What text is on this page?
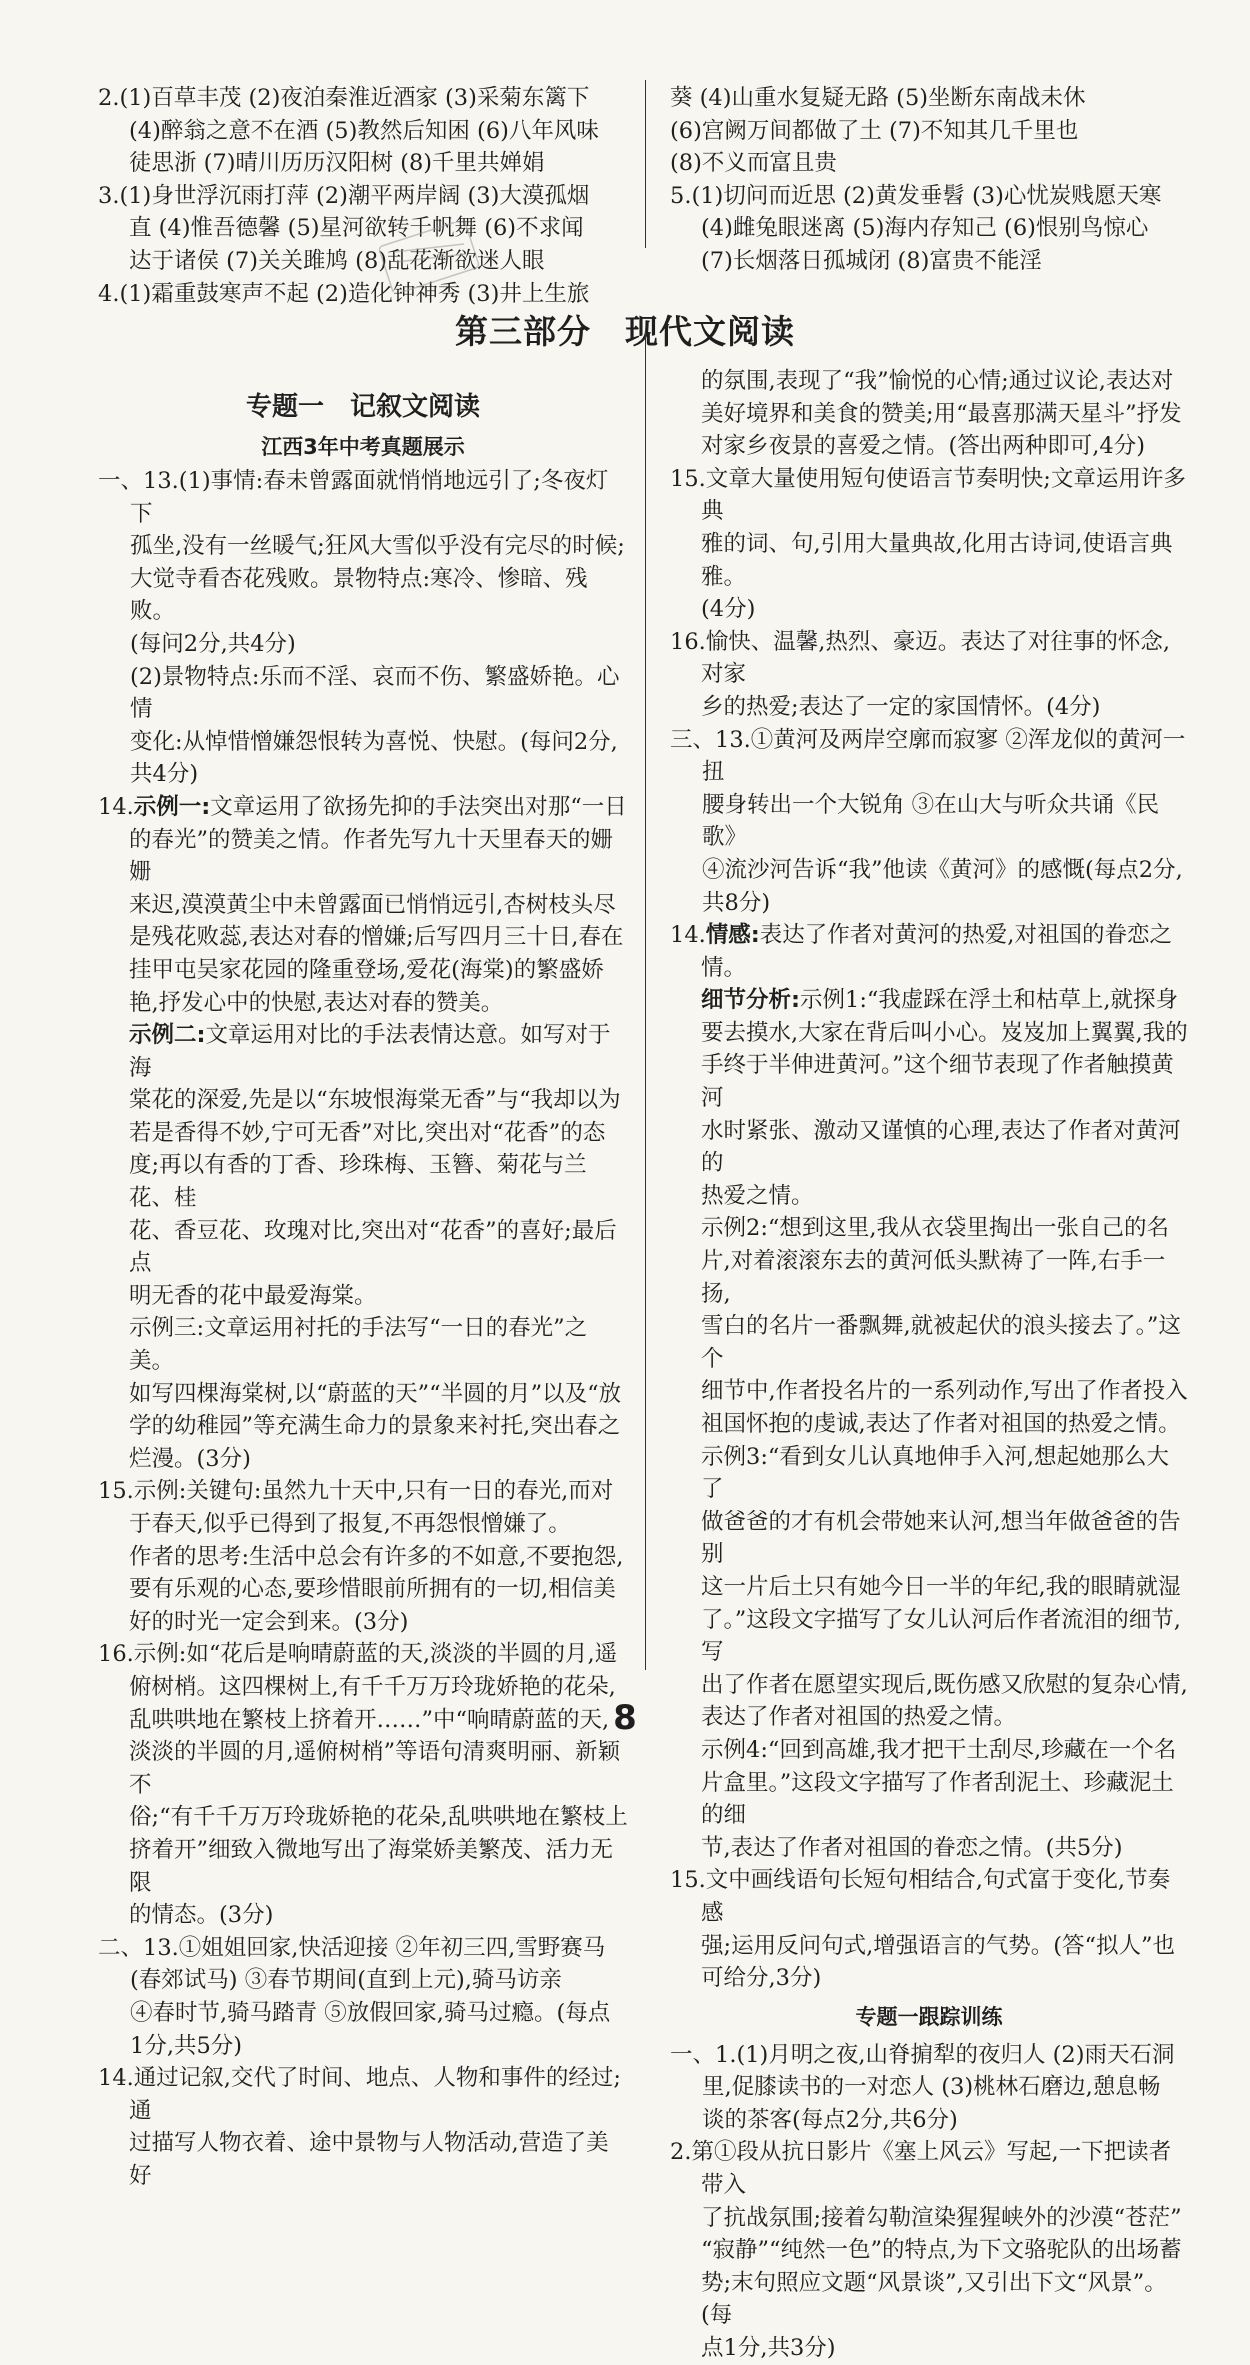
2.(1)百草丰茂 (2)夜泊秦淮近酒家 (3)采菊东篱下
(4)醉翁之意不在酒 (5)教然后知困 (6)八年风味
徒思浙 (7)晴川历历汉阳树 (8)千里共婵娟

3.(1)身世浮沉雨打萍 (2)潮平两岸阔 (3)大漠孤烟
直 (4)惟吾德馨 (5)星河欲转千帆舞 (6)不求闻
达于诸侯 (7)关关雎鸠 (8)乱花渐欲迷人眼

4.(1)霜重鼓寒声不起 (2)造化钟神秀 (3)井上生旅

葵 (4)山重水复疑无路 (5)坐断东南战未休
(6)宫阙万间都做了土 (7)不知其几千里也
(8)不义而富且贵

5.(1)切问而近思 (2)黄发垂髫 (3)心忧炭贱愿天寒
(4)雌兔眼迷离 (5)海内存知己 (6)恨别鸟惊心
(7)长烟落日孤城闭 (8)富贵不能淫

第三部分　现代文阅读

专题一　记叙文阅读

江西3年中考真题展示

一、13.(1)事情:春未曾露面就悄悄地远引了;冬夜灯下
孤坐,没有一丝暖气;狂风大雪似乎没有完尽的时候;
大觉寺看杏花残败。景物特点:寒冷、惨暗、残败。
(每问2分,共4分)
(2)景物特点:乐而不淫、哀而不伤、繁盛娇艳。心情
变化:从悼惜憎嫌怨恨转为喜悦、快慰。(每问2分,
共4分)

14.示例一:文章运用了欲扬先抑的手法突出对那“一日
的春光”的赞美之情。作者先写九十天里春天的姗姗
来迟,漠漠黄尘中未曾露面已悄悄远引,杏树枝头尽
是残花败蕊,表达对春的憎嫌;后写四月三十日,春在
挂甲屯吴家花园的隆重登场,爱花(海棠)的繁盛娇
艳,抒发心中的快慰,表达对春的赞美。

示例二:文章运用对比的手法表情达意。如写对于海
棠花的深爱,先是以“东坡恨海棠无香”与“我却以为
若是香得不妙,宁可无香”对比,突出对“花香”的态
度;再以有香的丁香、珍珠梅、玉簪、菊花与兰花、桂
花、香豆花、玫瑰对比,突出对“花香”的喜好;最后点
明无香的花中最爱海棠。

示例三:文章运用衬托的手法写“一日的春光”之美。
如写四棵海棠树,以“蔚蓝的天”“半圆的月”以及“放
学的幼稚园”等充满生命力的景象来衬托,突出春之
烂漫。(3分)

15.示例:关键句:虽然九十天中,只有一日的春光,而对
于春天,似乎已得到了报复,不再怨恨憎嫌了。
作者的思考:生活中总会有许多的不如意,不要抱怨,
要有乐观的心态,要珍惜眼前所拥有的一切,相信美
好的时光一定会到来。(3分)

16.示例:如“花后是响晴蔚蓝的天,淡淡的半圆的月,遥
俯树梢。这四棵树上,有千千万万玲珑娇艳的花朵,
乱哄哄地在繁枝上挤着开……”中“响晴蔚蓝的天,
淡淡的半圆的月,遥俯树梢”等语句清爽明丽、新颖不
俗;“有千千万万玲珑娇艳的花朵,乱哄哄地在繁枝上
挤着开”细致入微地写出了海棠娇美繁茂、活力无限
的情态。(3分)

二、13.①姐姐回家,快活迎接 ②年初三四,雪野赛马
(春郊试马) ③春节期间(直到上元),骑马访亲
④春时节,骑马踏青 ⑤放假回家,骑马过瘾。(每点
1分,共5分)

14.通过记叙,交代了时间、地点、人物和事件的经过;通
过描写人物衣着、途中景物与人物活动,营造了美好

的氛围,表现了“我”愉悦的心情;通过议论,表达对
美好境界和美食的赞美;用“最喜那满天星斗”抒发
对家乡夜景的喜爱之情。(答出两种即可,4分)

15.文章大量使用短句使语言节奏明快;文章运用许多典
雅的词、句,引用大量典故,化用古诗词,使语言典雅。
(4分)

16.愉快、温馨,热烈、豪迈。表达了对往事的怀念,对家
乡的热爱;表达了一定的家国情怀。(4分)

三、13.①黄河及两岸空廓而寂寥 ②浑龙似的黄河一扭
腰身转出一个大锐角 ③在山大与听众共诵《民歌》
④流沙河告诉“我”他读《黄河》的感慨(每点2分,
共8分)

14.情感:表达了作者对黄河的热爱,对祖国的眷恋之情。
细节分析:示例1:“我虚踩在浮土和枯草上,就探身
要去摸水,大家在背后叫小心。岌岌加上翼翼,我的
手终于半伸进黄河。”这个细节表现了作者触摸黄河
水时紧张、激动又谨慎的心理,表达了作者对黄河的
热爱之情。

示例2:“想到这里,我从衣袋里掏出一张自己的名
片,对着滚滚东去的黄河低头默祷了一阵,右手一扬,
雪白的名片一番飘舞,就被起伏的浪头接去了。”这个
细节中,作者投名片的一系列动作,写出了作者投入
祖国怀抱的虔诚,表达了作者对祖国的热爱之情。

示例3:“看到女儿认真地伸手入河,想起她那么大了
做爸爸的才有机会带她来认河,想当年做爸爸的告别
这一片后土只有她今日一半的年纪,我的眼睛就湿
了。”这段文字描写了女儿认河后作者流泪的细节,写
出了作者在愿望实现后,既伤感又欣慰的复杂心情,
表达了作者对祖国的热爱之情。

示例4:“回到高雄,我才把干土刮尽,珍藏在一个名
片盒里。”这段文字描写了作者刮泥土、珍藏泥土的细
节,表达了作者对祖国的眷恋之情。(共5分)

15.文中画线语句长短句相结合,句式富于变化,节奏感
强;运用反问句式,增强语言的气势。(答“拟人”也
可给分,3分)

专题一跟踪训练

一、1.(1)月明之夜,山脊掮犁的夜归人 (2)雨天石洞
里,促膝读书的一对恋人 (3)桃林石磨边,憩息畅
谈的茶客(每点2分,共6分)

2.第①段从抗日影片《塞上风云》写起,一下把读者带入
了抗战氛围;接着勾勒渲染猩猩峡外的沙漠“苍茫”
“寂静”“纯然一色”的特点,为下文骆驼队的出场蓄
势;末句照应文题“风景谈”,又引出下文“风景”。(每
点1分,共3分)

8
